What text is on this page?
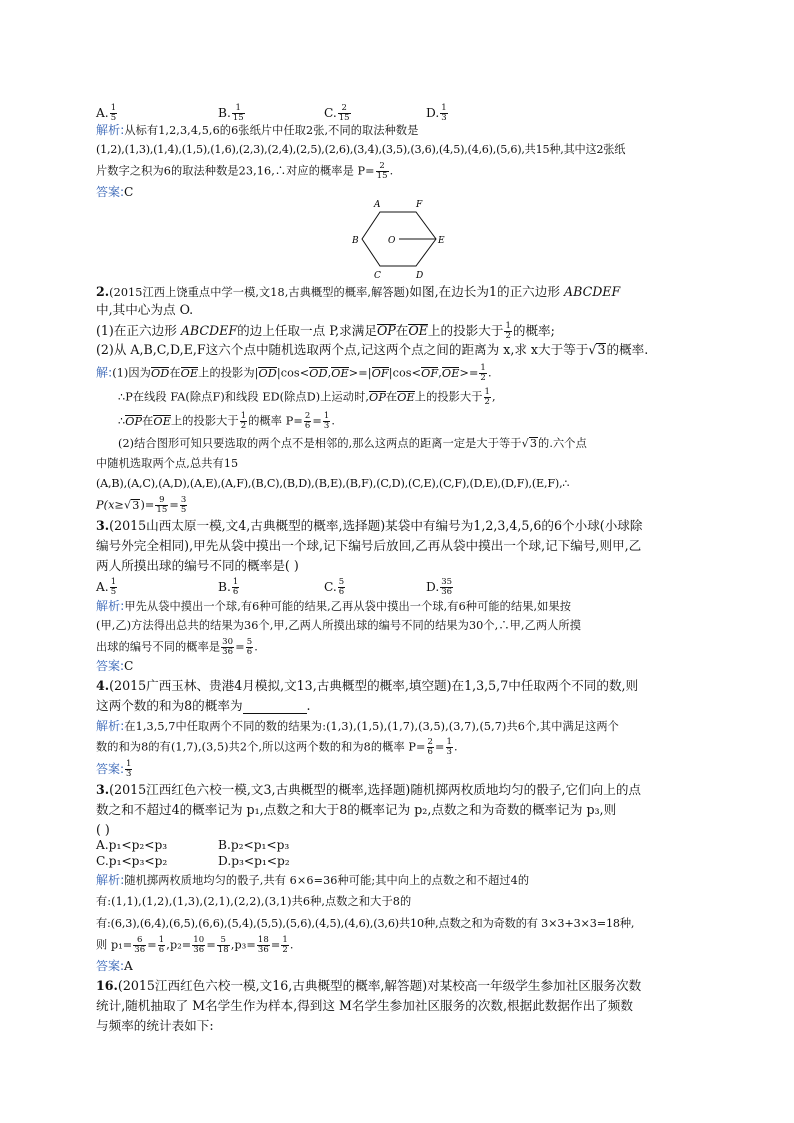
A. $\frac{1}{5}$	B. $\frac{1}{15}$	C. $\frac{2}{15}$	D. $\frac{1}{3}$
解析:从标有1,2,3,4,5,6的6张纸片中任取2张,不同的取法种数是
(1,2),(1,3),(1,4),(1,5),(1,6),(2,3),(2,4),(2,5),(2,6),(3,4),(3,5),(3,6),(4,5),(4,6),(5,6),共15种,其中这2张纸
片数字之积为6的取法种数是23,16,∴对应的概率是 $P= \frac{2}{15}$ .
答案:C
2.(2015江西上饶重点中学一模,文18,古典概型的概率,解答题)如图,在边长为1的正六边形 ABCDEF
中,其中心为点 O.
(1)在正六边形 ABCDEF的边上任取一点 P,求满足OP在OE上的投影大于 $\frac{1}{2}$ 的概率;
(2)从 A,B,C,D,E,F这六个点中随机选取两个点,记这两个点之间的距离为 x,求 x大于等于√3的概率.
解:(1)因为OD在OE上的投影为$|OD|\cos<OD,OE>=|OF|\cos<OF,OE>= \frac{1}{2}$ .
∴P在线段 FA(除点F)和线段 ED(除点D)上运动时,OP在OE上的投影大于 $\frac{1}{2}$ ,
∴OP在OE上的投影大于 $\frac{1}{2}$ 的概率 $P= \frac{2}{6} = \frac{1}{3}$ .
(2)结合图形可知只要选取的两个点不是相邻的,那么这两点的距离一定是大于等于√3的.六个点
中随机选取两个点,总共有15
(A,B),(A,C),(A,D),(A,E),(A,F),(B,C),(B,D),(B,E),(B,F),(C,D),(C,E),(C,F),(D,E),(D,F),(E,F),∴
$P(x\ge√3)= \frac{9}{15} = \frac{3}{5}$
3.(2015山西太原一模,文4,古典概型的概率,选择题)某袋中有编号为1,2,3,4,5,6的6个小球(小球除
编号外完全相同),甲先从袋中摸出一个球,记下编号后放回,乙再从袋中摸出一个球,记下编号,则甲,乙
两人所摸出球的编号不同的概率是( )
A. $\frac{1}{5}$	B. $\frac{1}{6}$	C. $\frac{5}{6}$	D. $\frac{35}{36}$
解析:甲先从袋中摸出一个球,有6种可能的结果,乙再从袋中摸出一个球,有6种可能的结果,如果按
(甲,乙)方法得出总共的结果为36个,甲,乙两人所摸出球的编号不同的结果为30个,∴甲,乙两人所摸
出球的编号不同的概率是 $\frac{30}{36} = \frac{5}{6}$ .
答案:C
4.(2015广西玉林、贵港4月模拟,文13,古典概型的概率,填空题)在1,3,5,7中任取两个不同的数,则
这两个数的和为8的概率为	.
解析:在1,3,5,7中任取两个不同的数的结果为:(1,3),(1,5),(1,7),(3,5),(3,7),(5,7)共6个,其中满足这两个
数的和为8的有(1,7),(3,5)共2个,所以这两个数的和为8的概率 $P= \frac{2}{6} = \frac{1}{3}$ .
答案: $\frac{1}{3}$
3.(2015江西红色六校一模,文3,古典概型的概率,选择题)随机掷两枚质地均匀的骰子,它们向上的点
数之和不超过4的概率记为 p₁,点数之和大于8的概率记为 p₂,点数之和为奇数的概率记为 p₃,则
( )
A.p₁<p₂<p₃	B.p₂<p₁<p₃
C.p₁<p₃<p₂	D.p₃<p₁<p₂
解析:随机掷两枚质地均匀的骰子,共有 6×6=36种可能;其中向上的点数之和不超过4的
有:(1,1),(1,2),(1,3),(2,1),(2,2),(3,1)共6种,点数之和大于8的
有:(6,3),(6,4),(6,5),(6,6),(5,4),(5,5),(5,6),(4,5),(4,6),(3,6)共10种,点数之和为奇数的有 3×3+3×3=18种,
则 $p_1= \frac{6}{36} = \frac{1}{6} ,p_2= \frac{10}{36} = \frac{5}{18} ,p_3= \frac{18}{36} = \frac{1}{2}$ .
答案:A
16.(2015江西红色六校一模,文16,古典概型的概率,解答题)对某校高一年级学生参加社区服务次数
统计,随机抽取了 M名学生作为样本,得到这 M名学生参加社区服务的次数,根据此数据作出了频数
与频率的统计表如下:
A	F
B	O	E
C	D
